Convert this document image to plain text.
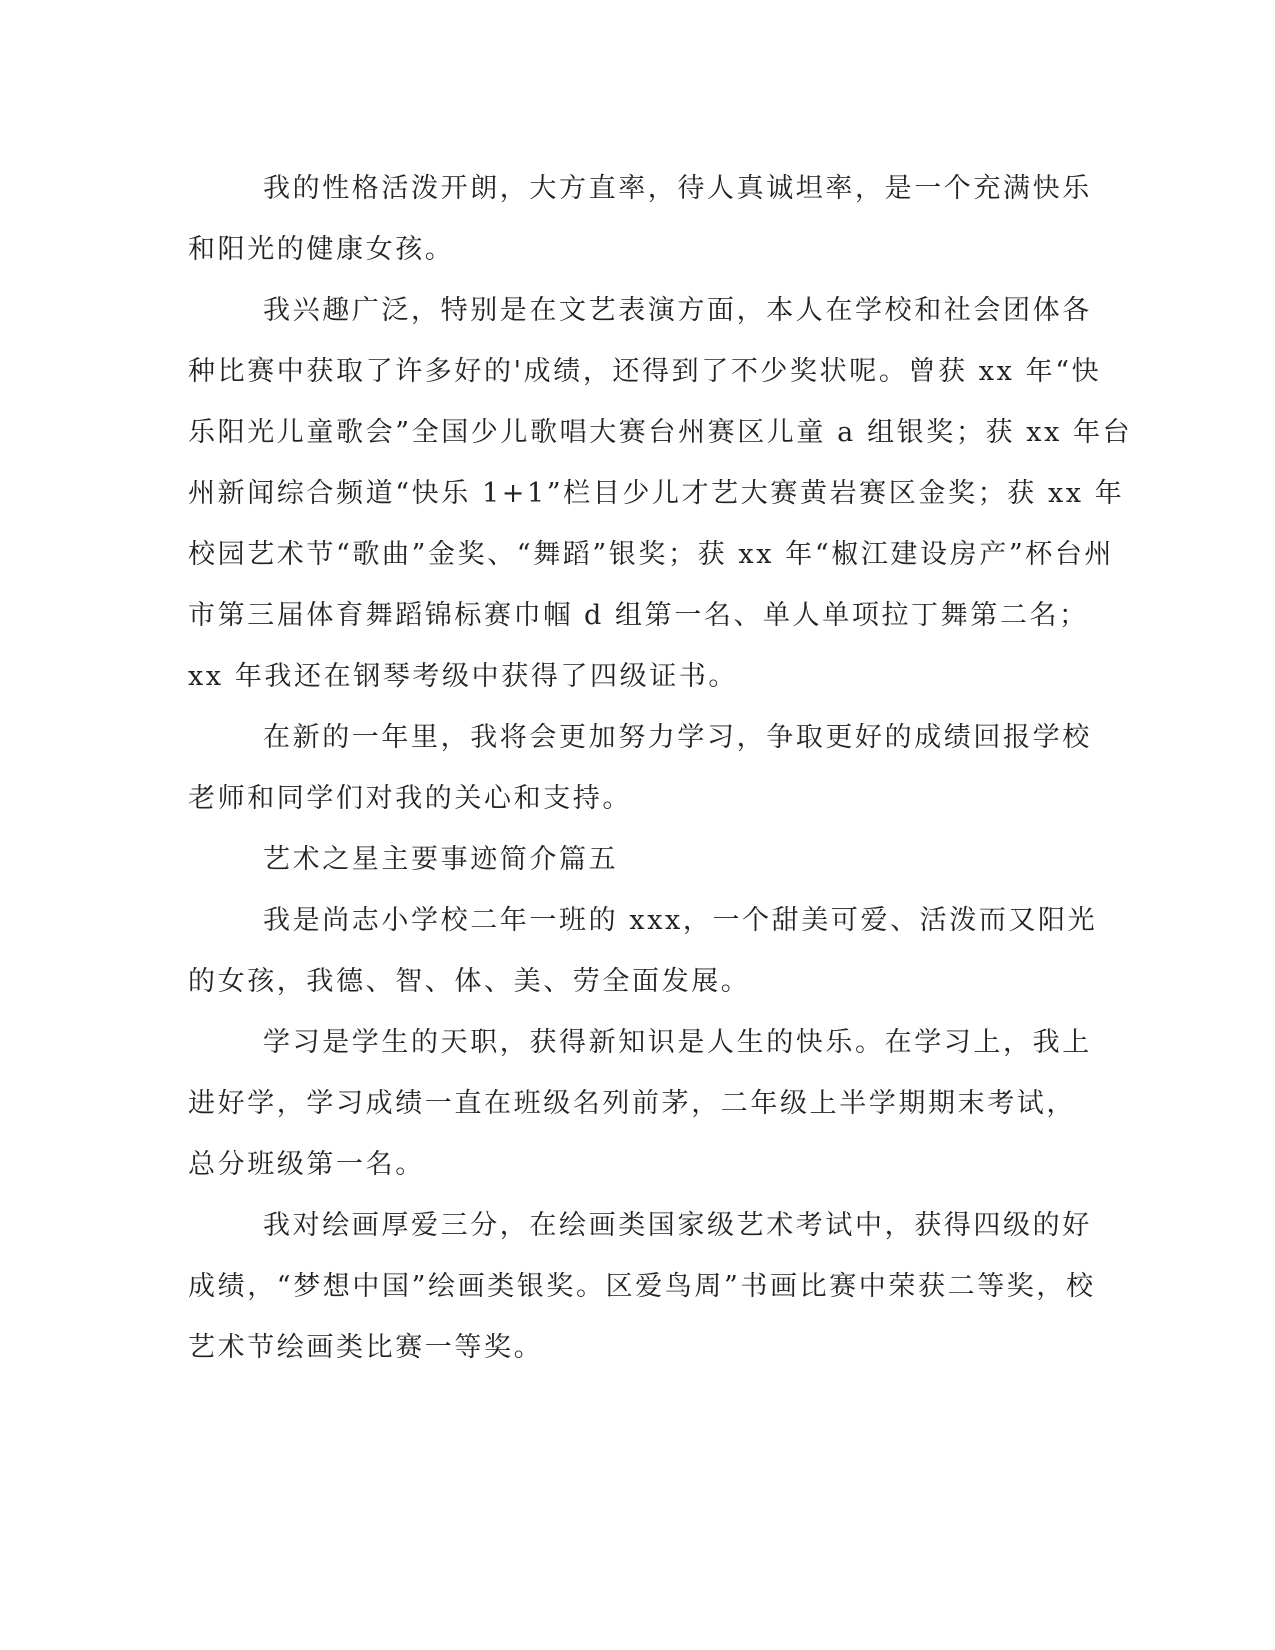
我的性格活泼开朗，大方直率，待人真诚坦率，是一个充满快乐
和阳光的健康女孩。
我兴趣广泛，特别是在文艺表演方面，本人在学校和社会团体各
种比赛中获取了许多好的'成绩，还得到了不少奖状呢。曾获 xx 年“快
乐阳光儿童歌会”全国少儿歌唱大赛台州赛区儿童 a 组银奖；获 xx 年台
州新闻综合频道“快乐 1+1”栏目少儿才艺大赛黄岩赛区金奖；获 xx 年
校园艺术节“歌曲”金奖、“舞蹈”银奖；获 xx 年“椒江建设房产”杯台州
市第三届体育舞蹈锦标赛巾帼 d 组第一名、单人单项拉丁舞第二名；
xx 年我还在钢琴考级中获得了四级证书。
在新的一年里，我将会更加努力学习，争取更好的成绩回报学校
老师和同学们对我的关心和支持。
艺术之星主要事迹简介篇五
我是尚志小学校二年一班的 xxx，一个甜美可爱、活泼而又阳光
的女孩，我德、智、体、美、劳全面发展。
学习是学生的天职，获得新知识是人生的快乐。在学习上，我上
进好学，学习成绩一直在班级名列前茅，二年级上半学期期末考试，
总分班级第一名。
我对绘画厚爱三分，在绘画类国家级艺术考试中，获得四级的好
成绩，“梦想中国”绘画类银奖。区爱鸟周”书画比赛中荣获二等奖，校
艺术节绘画类比赛一等奖。
